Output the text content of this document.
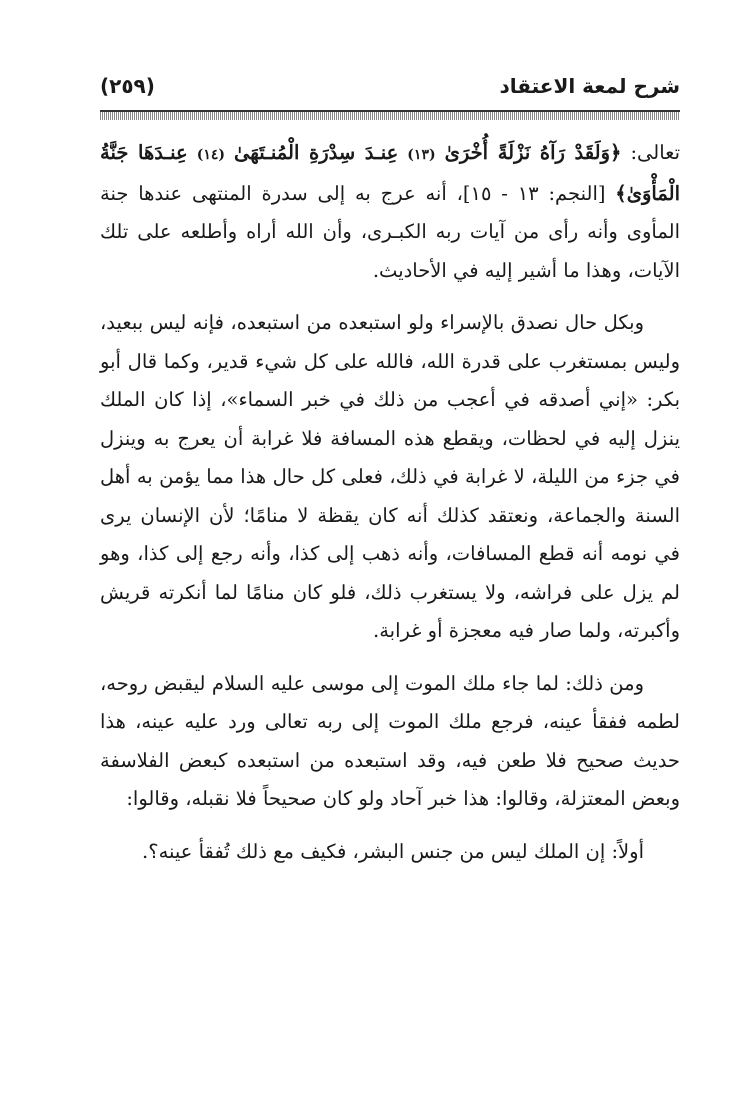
شرح لمعة الاعتقاد
(٢٥٩)

تعالى: ﴿وَلَقَدْ رَآهُ نَزْلَةً أُخْرَىٰ (١٣) عِنـدَ سِدْرَةِ الْمُنـتَهَىٰ (١٤) عِنـدَهَا جَنَّةُ الْمَأْوَىٰ﴾ [النجم: ١٣ - ١٥]، أنه عرج به إلى سدرة المنتهى عندها جنة المأوى وأنه رأى من آيات ربه الكبـرى، وأن الله أراه وأطلعه على تلك الآيات، وهذا ما أشير إليه في الأحاديث.

وبكل حال نصدق بالإسراء ولو استبعده من استبعده، فإنه ليس ببعيد، وليس بمستغرب على قدرة الله، فالله على كل شيء قدير، وكما قال أبو بكر: «إني أصدقه في أعجب من ذلك في خبر السماء»، إذا كان الملك ينزل إليه في لحظات، ويقطع هذه المسافة فلا غرابة أن يعرج به وينزل في جزء من الليلة، لا غرابة في ذلك، فعلى كل حال هذا مما يؤمن به أهل السنة والجماعة، ونعتقد كذلك أنه كان يقظة لا منامًا؛ لأن الإنسان يرى في نومه أنه قطع المسافات، وأنه ذهب إلى كذا، وأنه رجع إلى كذا، وهو لم يزل على فراشه، ولا يستغرب ذلك، فلو كان منامًا لما أنكرته قريش وأكبرته، ولما صار فيه معجزة أو غرابة.

ومن ذلك: لما جاء ملك الموت إلى موسى عليه السلام ليقبض روحه، لطمه ففقأ عينه، فرجع ملك الموت إلى ربه تعالى ورد عليه عينه، هذا حديث صحيح فلا طعن فيه، وقد استبعده من استبعده كبعض الفلاسفة وبعض المعتزلة، وقالوا: هذا خبر آحاد ولو كان صحيحاً فلا نقبله، وقالوا:

أولاً: إن الملك ليس من جنس البشر، فكيف مع ذلك تُفقأ عينه؟.
